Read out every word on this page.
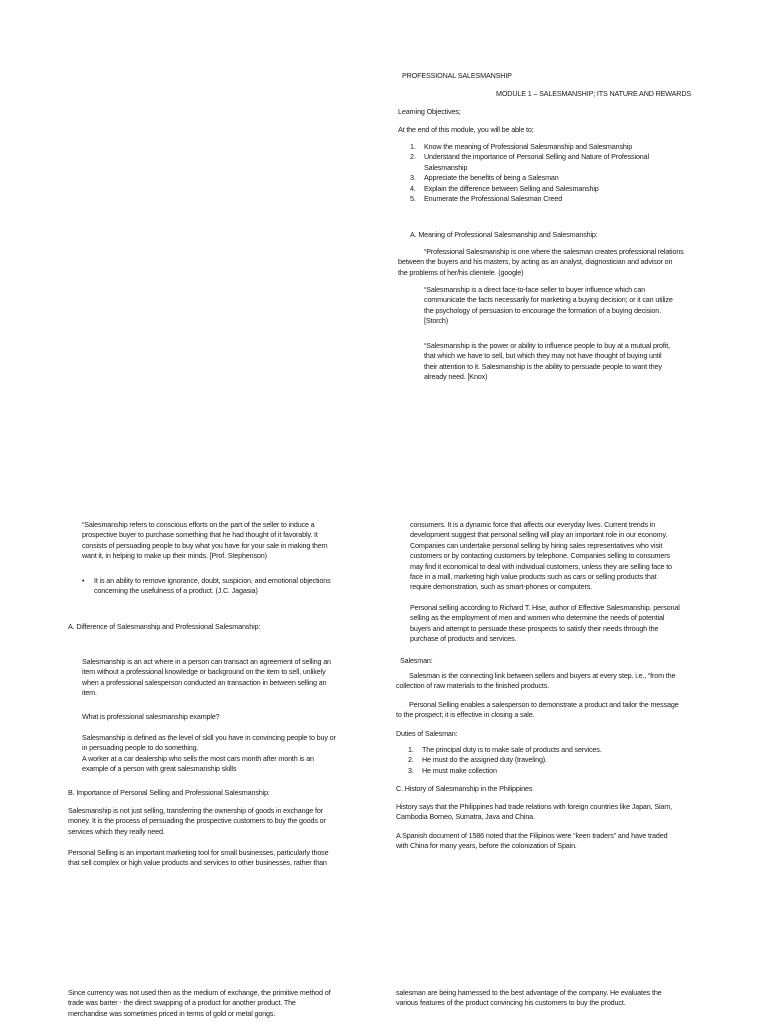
PROFESSIONAL SALESMANSHIP
MODULE 1 – SALESMANSHIP; ITS NATURE AND REWARDS
Learning Objectives;
At the end of this module, you will be able to;
1. Know the meaning of Professional Salesmanship and Salesmanship
2. Understand the importance of Personal Selling and Nature of Professional
Salesmanship
3. Appreciate the benefits of being a Salesman
4. Explain the difference between Selling and Salesmanship
5. Enumerate the Professional Salesman Creed
A. Meaning of Professional Salesmanship and Salesmanship:
“Professional Salesmanship is one where the salesman creates professional relations
between the buyers and his masters, by acting as an analyst, diagnostician and advisor on
the problems of her/his clientele. (google)
“Salesmanship is a direct face-to-face seller to buyer influence which can
communicate the facts necessarily for marketing a buying decision; or it can utilize
the psychology of persuasion to encourage the formation of a buying decision.
[Storch)
“Salesmanship is the power or ability to influence people to buy at a mutual profit,
that which we have to sell, but which they may not have thought of buying until
their attention to it. Salesmanship is the ability to persuade people to want they
already need. [Knox)
“Salesmanship refers to conscious efforts on the part of the seller to induce a
prospective buyer to purchase something that he had thought of it favorably. It
consists of persuading people to buy what you have for your sale in making them
want it, in helping to make up their minds. [Prof. Stephenson)
• It is an ability to remove ignorance, doubt, suspicion, and emotional objections
concerning the usefulness of a product. (J.C. Jagasia)
A. Difference of Salesmanship and Professional Salesmanship:
Salesmanship is an act where in a person can transact an agreement of selling an
item without a professional knowledge or background on the item to sell, unlikely
when a professional salesperson conducted an transaction in between selling an
item.
What is professional salesmanship example?
Salesmanship is defined as the level of skill you have in convincing people to buy or
in persuading people to do something.
A worker at a car dealership who sells the most cars month after month is an
example of a person with great salesmanship skills
B. Importance of Personal Selling and Professional Salesmanship:
Salesmanship is not just selling, transferring the ownership of goods in exchange for
money. It is the process of persuading the prospective customers to buy the goods or
services which they really need.
Personal Selling is an important marketing tool for small businesses, particularly those
that sell complex or high value products and services to other businesses, rather than
consumers. It is a dynamic force that affects our everyday lives. Current trends in
development suggest that personal selling will play an important role in our economy.
Companies can undertake personal selling by hiring sales representatives who visit
customers or by contacting customers by telephone. Companies selling to consumers
may find it economical to deal with individual customers, unless they are selling face to
face in a mall, marketing high value products such as cars or selling products that
require demonstration, such as smart-phones or computers.
Personal selling according to Richard T. Hise, author of Effective Salesmanship. personal
selling as the employment of men and women who determine the needs of potential
buyers and attempt to persuade these prospects to satisfy their needs through the
purchase of products and services.
Salesman:
Salesman is the connecting link between sellers and buyers at every step. i.e., “from the
collection of raw materials to the finished products.
Personal Selling enables a salesperson to demonstrate a product and tailor the message
to the prospect; it is effective in closing a sale.
Duties of Salesman:
1. The principal duty is to make sale of products and services.
2. He must do the assigned duty (traveling).
3. He must make collection
C. History of Salesmanship in the Philippines
History says that the Philippines had trade relations with foreign countries like Japan, Siam,
Cambodia Borneo, Sumatra, Java and China.
A Spanish document of 1586 noted that the Filipinos were “keen traders” and have traded
with China for many years, before the colonization of Spain.
Since currency was not used then as the medium of exchange, the primitive method of
trade was barter - the direct swapping of a product for another product. The
merchandise was sometimes priced in terms of gold or metal gongs.
salesman are being harnessed to the best advantage of the company. He evaluates the
various features of the product convincing his customers to buy the product.
